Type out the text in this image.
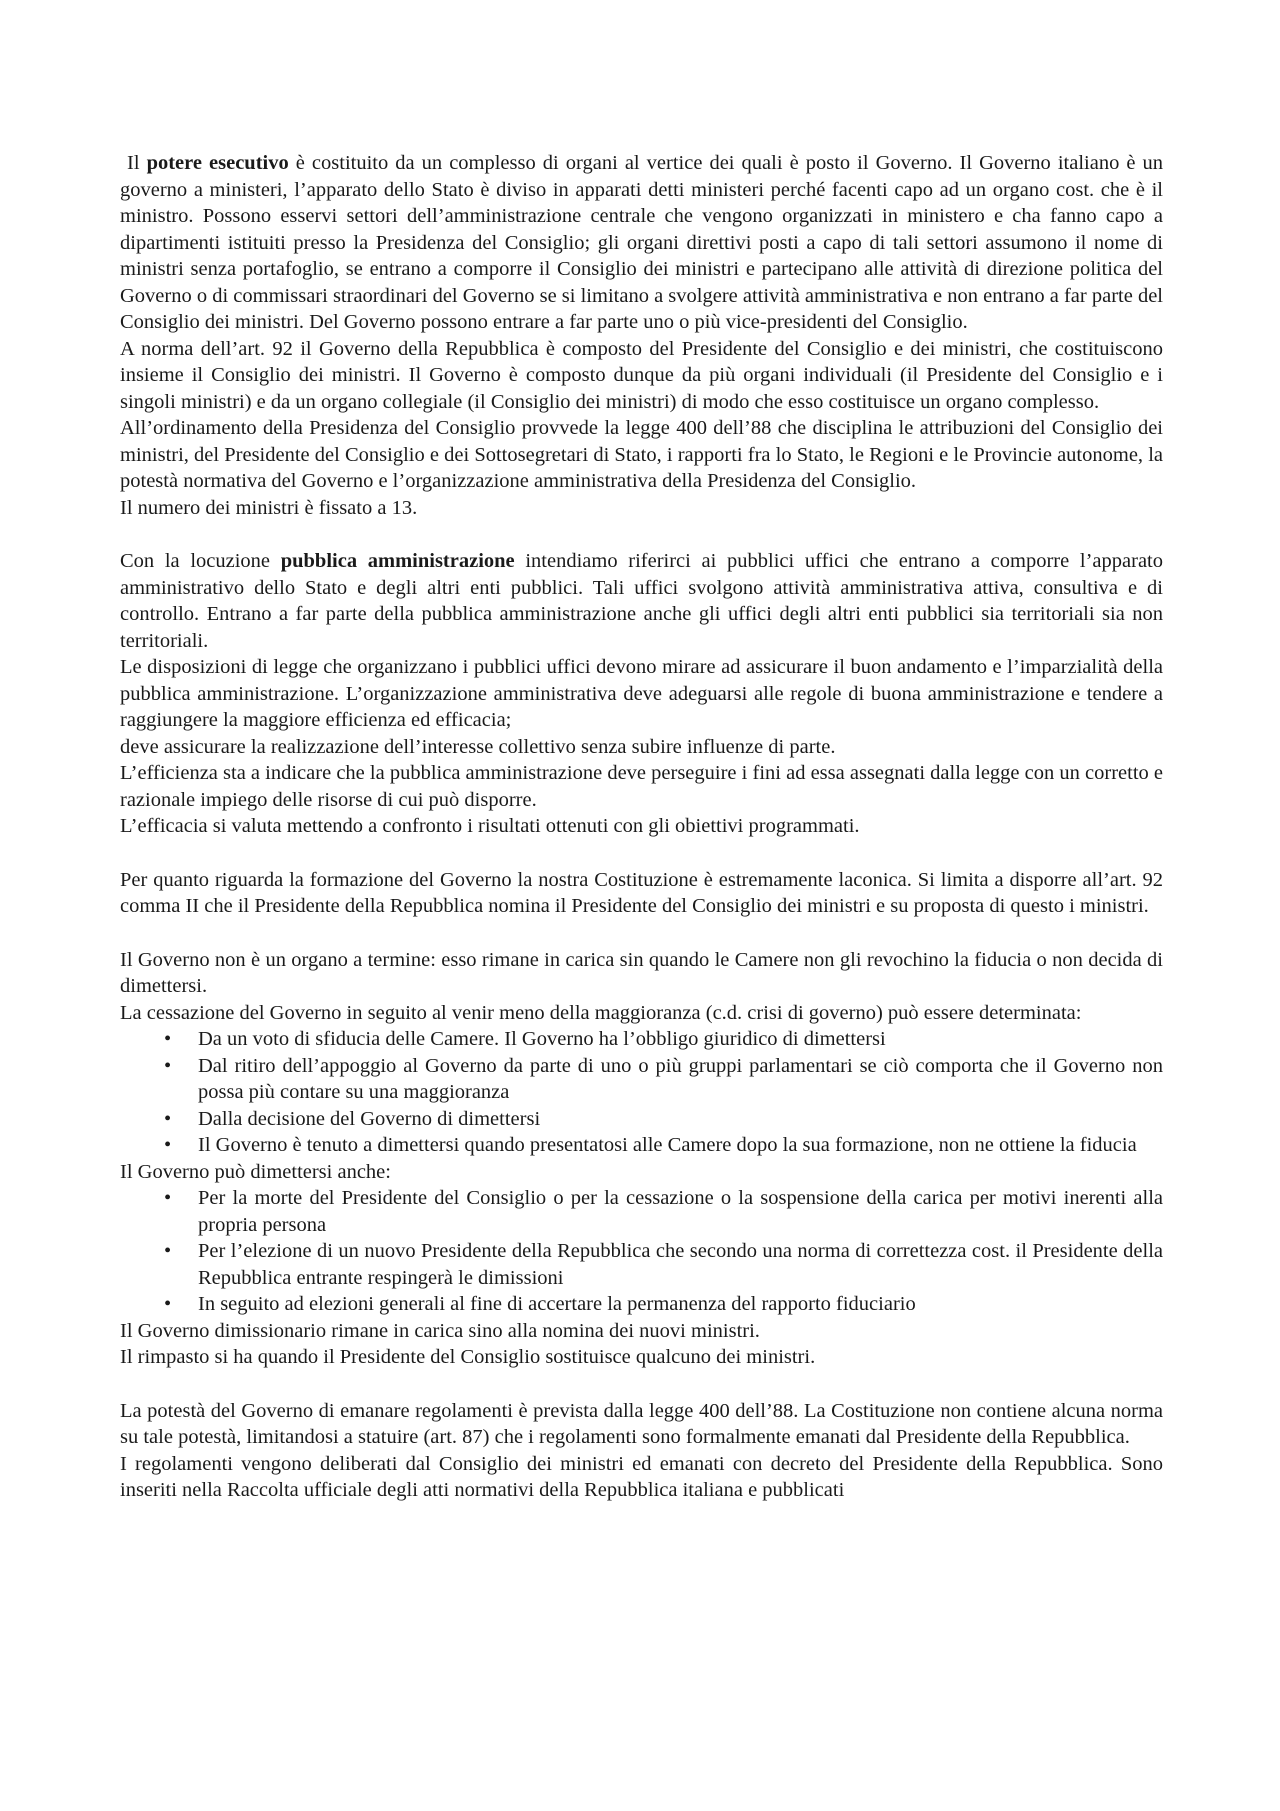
Il potere esecutivo è costituito da un complesso di organi al vertice dei quali è posto il Governo. Il Governo italiano è un governo a ministeri, l’apparato dello Stato è diviso in apparati detti ministeri perché facenti capo ad un organo cost. che è il ministro. Possono esservi settori dell’amministrazione centrale che vengono organizzati in ministero e cha fanno capo a dipartimenti istituiti presso la Presidenza del Consiglio; gli organi direttivi posti a capo di tali settori assumono il nome di ministri senza portafoglio, se entrano a comporre il Consiglio dei ministri e partecipano alle attività di direzione politica del Governo o di commissari straordinari del Governo se si limitano a svolgere attività amministrativa e non entrano a far parte del Consiglio dei ministri. Del Governo possono entrare a far parte uno o più vice-presidenti del Consiglio.

A norma dell’art. 92 il Governo della Repubblica è composto del Presidente del Consiglio e dei ministri, che costituiscono insieme il Consiglio dei ministri. Il Governo è composto dunque da più organi individuali (il Presidente del Consiglio e i singoli ministri) e da un organo collegiale (il Consiglio dei ministri) di modo che esso costituisce un organo complesso.

All’ordinamento della Presidenza del Consiglio provvede la legge 400 dell’88 che disciplina le attribuzioni del Consiglio dei ministri, del Presidente del Consiglio e dei Sottosegretari di Stato, i rapporti fra lo Stato, le Regioni e le Provincie autonome, la potestà normativa del Governo e l’organizzazione amministrativa della Presidenza del Consiglio.

Il numero dei ministri è fissato a 13.

Con la locuzione pubblica amministrazione intendiamo riferirci ai pubblici uffici che entrano a comporre l’apparato amministrativo dello Stato e degli altri enti pubblici. Tali uffici svolgono attività amministrativa attiva, consultiva e di controllo. Entrano a far parte della pubblica amministrazione anche gli uffici degli altri enti pubblici sia territoriali sia non territoriali.

Le disposizioni di legge che organizzano i pubblici uffici devono mirare ad assicurare il buon andamento e l’imparzialità della pubblica amministrazione. L’organizzazione amministrativa deve adeguarsi alle regole di buona amministrazione e tendere a raggiungere la maggiore efficienza ed efficacia;

deve assicurare la realizzazione dell’interesse collettivo senza subire influenze di parte.

L’efficienza sta a indicare che la pubblica amministrazione deve perseguire i fini ad essa assegnati dalla legge con un corretto e razionale impiego delle risorse di cui può disporre.

L’efficacia si valuta mettendo a confronto i risultati ottenuti con gli obiettivi programmati.

Per quanto riguarda la formazione del Governo la nostra Costituzione è estremamente laconica. Si limita a disporre all’art. 92 comma II che il Presidente della Repubblica nomina il Presidente del Consiglio dei ministri e su proposta di questo i ministri.

Il Governo non è un organo a termine: esso rimane in carica sin quando le Camere non gli revochino la fiducia o non decida di dimettersi.

La cessazione del Governo in seguito al venir meno della maggioranza (c.d. crisi di governo) può essere determinata:

• Da un voto di sfiducia delle Camere. Il Governo ha l’obbligo giuridico di dimettersi
• Dal ritiro dell’appoggio al Governo da parte di uno o più gruppi parlamentari se ciò comporta che il Governo non possa più contare su una maggioranza
• Dalla decisione del Governo di dimettersi
• Il Governo è tenuto a dimettersi quando presentatosi alle Camere dopo la sua formazione, non ne ottiene la fiducia

Il Governo può dimettersi anche:

• Per la morte del Presidente del Consiglio o per la cessazione o la sospensione della carica per motivi inerenti alla propria persona
• Per l’elezione di un nuovo Presidente della Repubblica che secondo una norma di correttezza cost. il Presidente della Repubblica entrante respingerà le dimissioni
• In seguito ad elezioni generali al fine di accertare la permanenza del rapporto fiduciario

Il Governo dimissionario rimane in carica sino alla nomina dei nuovi ministri.

Il rimpasto si ha quando il Presidente del Consiglio sostituisce qualcuno dei ministri.

La potestà del Governo di emanare regolamenti è prevista dalla legge 400 dell’88. La Costituzione non contiene alcuna norma su tale potestà, limitandosi a statuire (art. 87) che i regolamenti sono formalmente emanati dal Presidente della Repubblica.

I regolamenti vengono deliberati dal Consiglio dei ministri ed emanati con decreto del Presidente della Repubblica. Sono inseriti nella Raccolta ufficiale degli atti normativi della Repubblica italiana e pubblicati
